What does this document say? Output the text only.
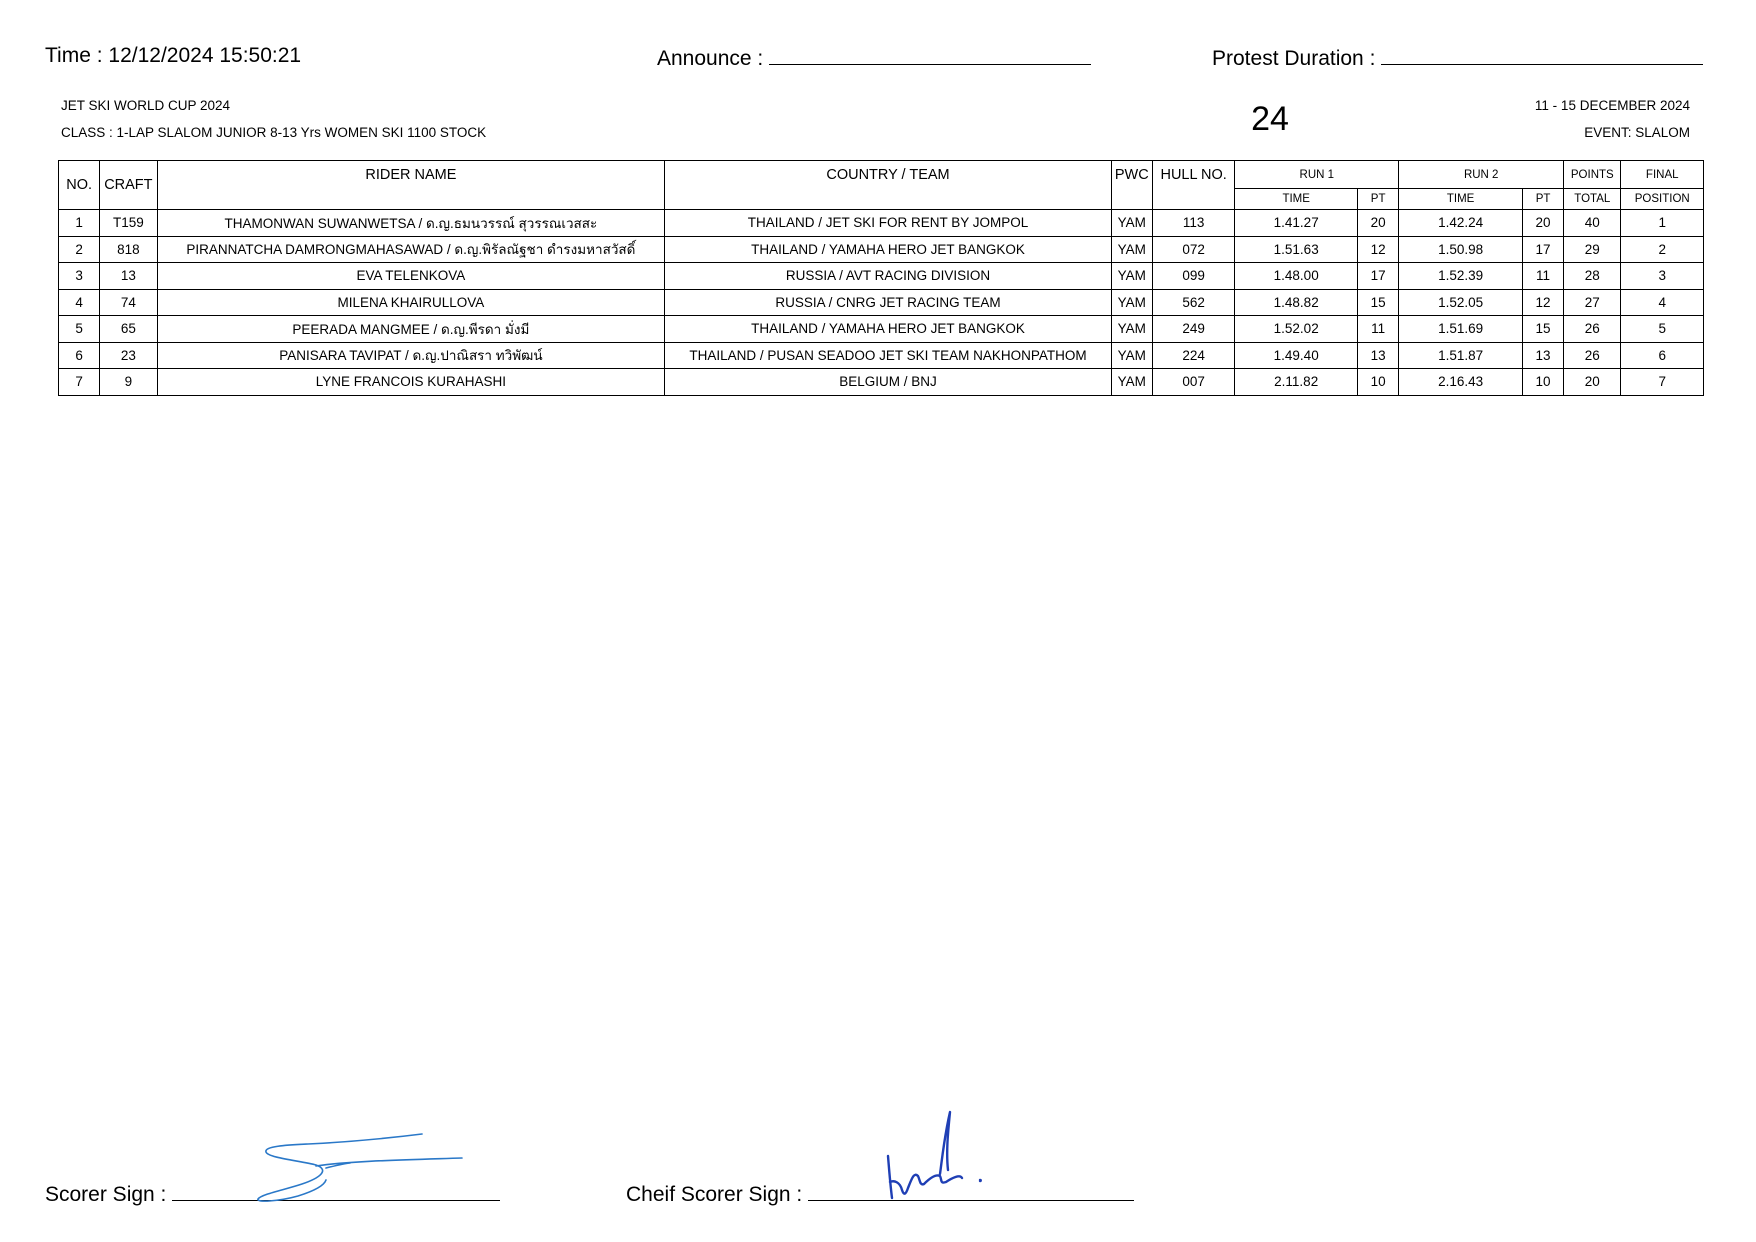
Time : 12/12/2024 15:50:21	Announce :	Protest Duration :
JET SKI WORLD CUP 2024
CLASS : 1-LAP SLALOM JUNIOR 8-13 Yrs WOMEN SKI 1100 STOCK	24	11 - 15 DECEMBER 2024
EVENT: SLALOM
NO.	CRAFT	RIDER NAME	COUNTRY / TEAM	PWC	HULL NO.	RUN 1		RUN 2		POINTS	FINAL
						TIME	PT	TIME	PT	TOTAL	POSITION
1	T159	THAMONWAN SUWANWETSA / ด.ญ.ธมนวรรณ์ สุวรรณเวสสะ	THAILAND / JET SKI FOR RENT BY JOMPOL	YAM	113	1.41.27	20	1.42.24	20	40	1
2	818	PIRANNATCHA DAMRONGMAHASAWAD / ด.ญ.พิรัลณัฐชา ดำรงมหาสวัสดิ์	THAILAND / YAMAHA HERO JET BANGKOK	YAM	072	1.51.63	12	1.50.98	17	29	2
3	13	EVA TELENKOVA	RUSSIA / AVT RACING DIVISION	YAM	099	1.48.00	17	1.52.39	11	28	3
4	74	MILENA KHAIRULLOVA	RUSSIA / CNRG JET RACING TEAM	YAM	562	1.48.82	15	1.52.05	12	27	4
5	65	PEERADA MANGMEE / ด.ญ.พีรดา มั่งมี	THAILAND / YAMAHA HERO JET BANGKOK	YAM	249	1.52.02	11	1.51.69	15	26	5
6	23	PANISARA TAVIPAT / ด.ญ.ปาณิสรา ทวิพัฒน์	THAILAND / PUSAN SEADOO JET SKI TEAM NAKHONPATHOM	YAM	224	1.49.40	13	1.51.87	13	26	6
7	9	LYNE FRANCOIS KURAHASHI	BELGIUM / BNJ	YAM	007	2.11.82	10	2.16.43	10	20	7
Scorer Sign :	Cheif Scorer Sign :
